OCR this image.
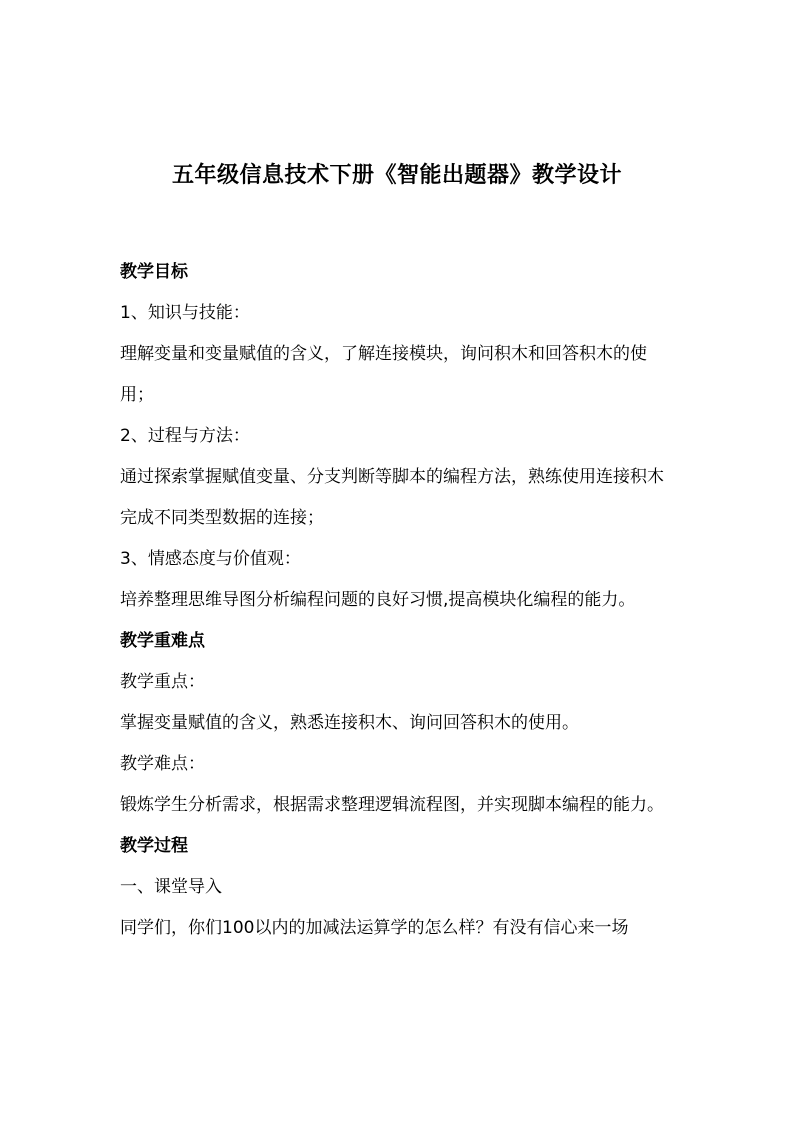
五年级信息技术下册《智能出题器》教学设计
教学目标
1、知识与技能：
理解变量和变量赋值的含义，了解连接模块，询问积木和回答积木的使用；
2、过程与方法：
通过探索掌握赋值变量、分支判断等脚本的编程方法，熟练使用连接积木完成不同类型数据的连接；
3、情感态度与价值观：
培养整理思维导图分析编程问题的良好习惯,提高模块化编程的能力。
教学重难点
教学重点：
掌握变量赋值的含义，熟悉连接积木、询问回答积木的使用。
教学难点：
锻炼学生分析需求，根据需求整理逻辑流程图，并实现脚本编程的能力。
教学过程
一、课堂导入
同学们，你们100以内的加减法运算学的怎么样？有没有信心来一场
